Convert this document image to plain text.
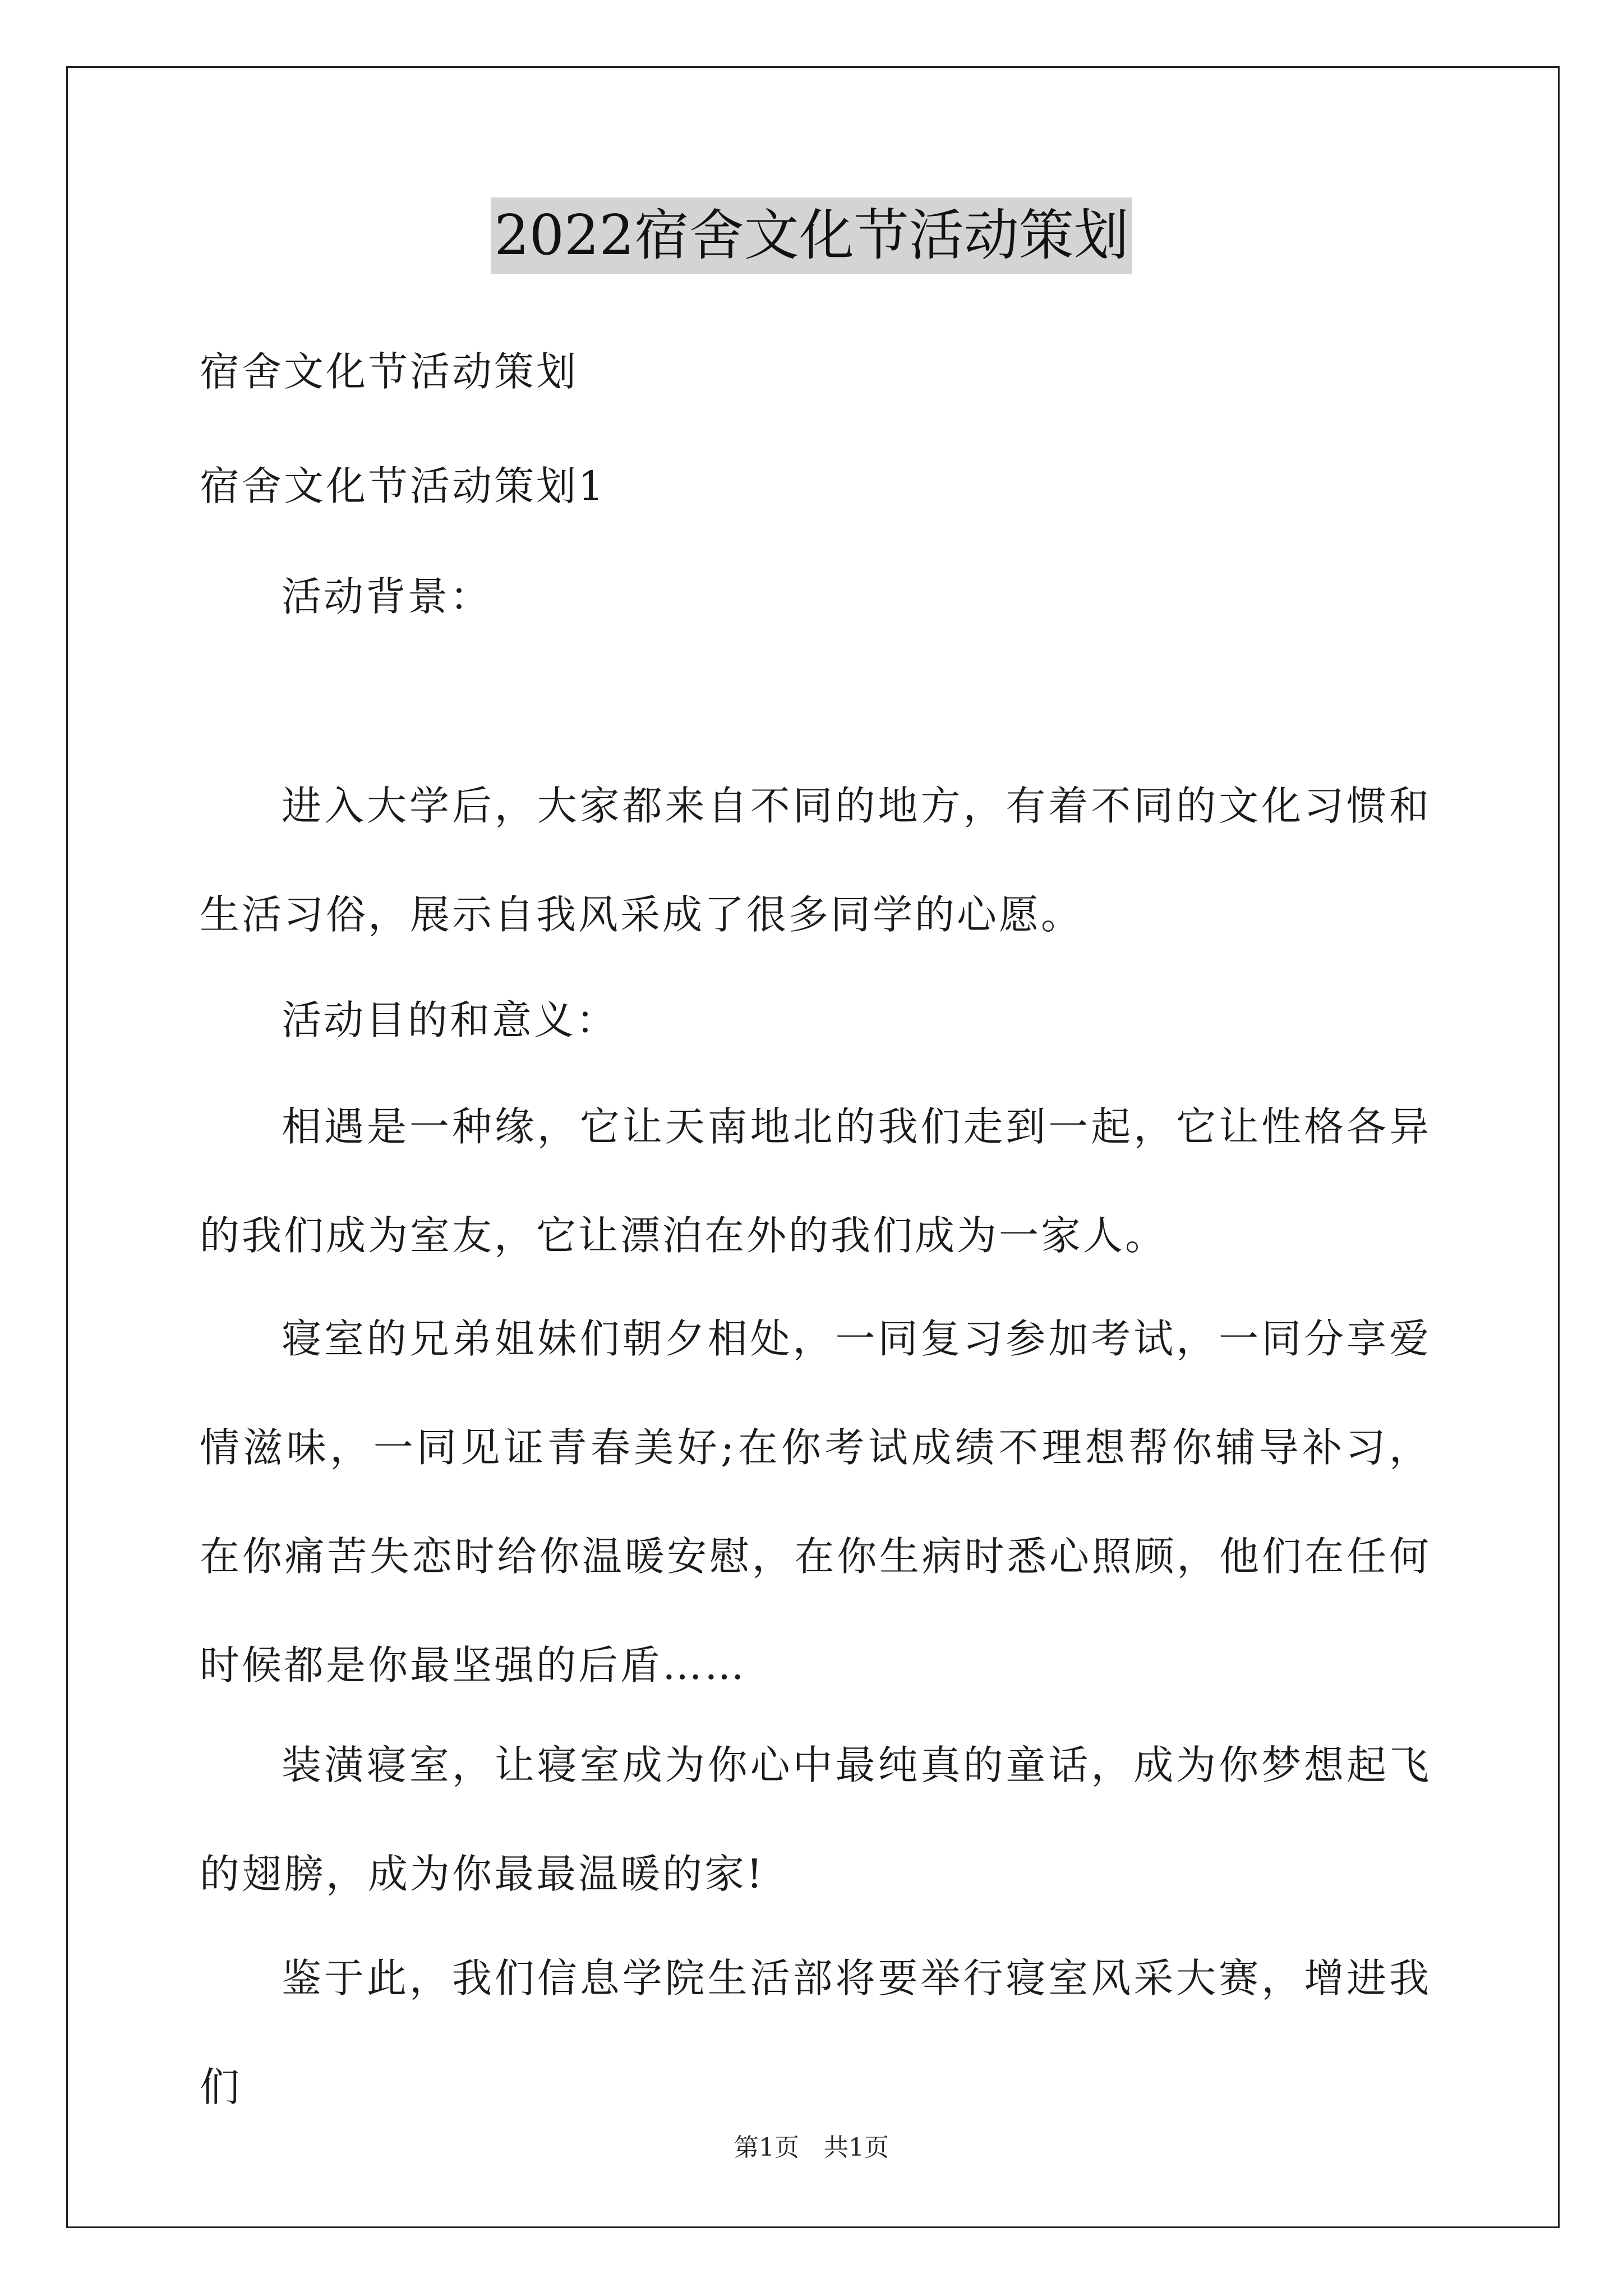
2022宿舍文化节活动策划
宿舍文化节活动策划
宿舍文化节活动策划1
活动背景：
进入大学后，大家都来自不同的地方，有着不同的文化习惯和生活习俗，展示自我风采成了很多同学的心愿。
活动目的和意义：
相遇是一种缘，它让天南地北的我们走到一起，它让性格各异的我们成为室友，它让漂泊在外的我们成为一家人。
寝室的兄弟姐妹们朝夕相处，一同复习参加考试，一同分享爱情滋味，一同见证青春美好;在你考试成绩不理想帮你辅导补习，在你痛苦失恋时给你温暖安慰，在你生病时悉心照顾，他们在任何时候都是你最坚强的后盾……
装潢寝室，让寝室成为你心中最纯真的童话，成为你梦想起飞的翅膀，成为你最最温暖的家!
鉴于此，我们信息学院生活部将要举行寝室风采大赛，增进我们
第1页　共1页
